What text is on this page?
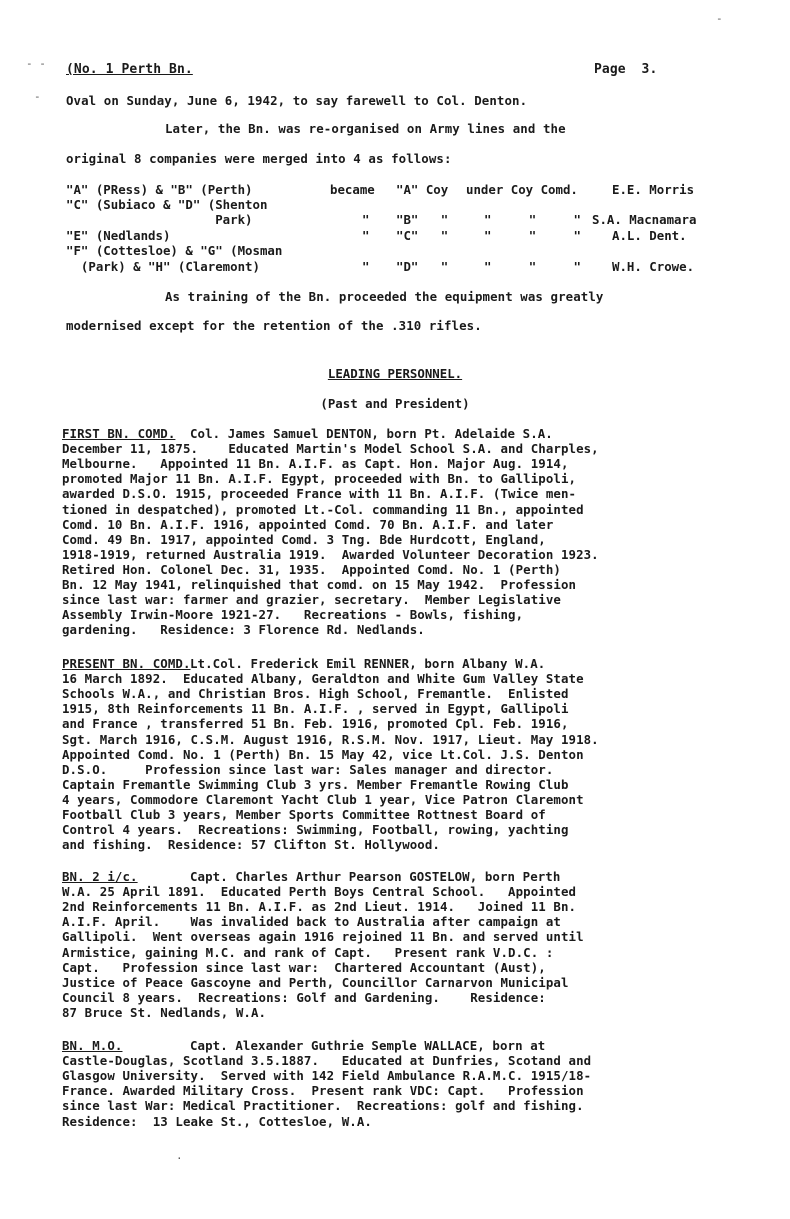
(No. 1 Perth Bn.	Page  3.
Oval on Sunday, June 6, 1942, to say farewell to Col. Denton.
Later, the Bn. was re-organised on Army lines and the
original 8 companies were merged into 4 as follows:
"A" (PRess) & "B" (Perth)	became "A" Coy under Coy Comd.	E.E. Morris
"C" (Subiaco & "D" (Shenton
Park)	" "B"   "	"     "     " S.A. Macnamara
"E" (Nedlands)	" "C"   "	"     "     "	A.L. Dent.
"F" (Cottesloe) & "G" (Mosman
(Park) & "H" (Claremont)	" "D"   "	"     "     "	W.H. Crowe.
As training of the Bn. proceeded the equipment was greatly
modernised except for the retention of the .310 rifles.
LEADING PERSONNEL.
(Past and President)
FIRST BN. COMD. Col. James Samuel DENTON, born Pt. Adelaide S.A.
December 11, 1875.    Educated Martin's Model School S.A. and Charples,
Melbourne.   Appointed 11 Bn. A.I.F. as Capt. Hon. Major Aug. 1914,
promoted Major 11 Bn. A.I.F. Egypt, proceeded with Bn. to Gallipoli,
awarded D.S.O. 1915, proceeded France with 11 Bn. A.I.F. (Twice men-
tioned in despatched), promoted Lt.-Col. commanding 11 Bn., appointed
Comd. 10 Bn. A.I.F. 1916, appointed Comd. 70 Bn. A.I.F. and later
Comd. 49 Bn. 1917, appointed Comd. 3 Tng. Bde Hurdcott, England,
1918-1919, returned Australia 1919.  Awarded Volunteer Decoration 1923.
Retired Hon. Colonel Dec. 31, 1935.  Appointed Comd. No. 1 (Perth)
Bn. 12 May 1941, relinquished that comd. on 15 May 1942.  Profession
since last war: farmer and grazier, secretary.  Member Legislative
Assembly Irwin-Moore 1921-27.   Recreations - Bowls, fishing,
gardening.   Residence: 3 Florence Rd. Nedlands.
PRESENT BN. COMD. Lt.Col. Frederick Emil RENNER, born Albany W.A.
16 March 1892.  Educated Albany, Geraldton and White Gum Valley State
Schools W.A., and Christian Bros. High School, Fremantle.  Enlisted
1915, 8th Reinforcements 11 Bn. A.I.F. , served in Egypt, Gallipoli
and France , transferred 51 Bn. Feb. 1916, promoted Cpl. Feb. 1916,
Sgt. March 1916, C.S.M. August 1916, R.S.M. Nov. 1917, Lieut. May 1918.
Appointed Comd. No. 1 (Perth) Bn. 15 May 42, vice Lt.Col. J.S. Denton
D.S.O.     Profession since last war: Sales manager and director.
Captain Fremantle Swimming Club 3 yrs. Member Fremantle Rowing Club
4 years, Commodore Claremont Yacht Club 1 year, Vice Patron Claremont
Football Club 3 years, Member Sports Committee Rottnest Board of
Control 4 years.  Recreations: Swimming, Football, rowing, yachting
and fishing.  Residence: 57 Clifton St. Hollywood.
BN. 2 i/c.	Capt. Charles Arthur Pearson GOSTELOW, born Perth
W.A. 25 April 1891.  Educated Perth Boys Central School.   Appointed
2nd Reinforcements 11 Bn. A.I.F. as 2nd Lieut. 1914.   Joined 11 Bn.
A.I.F. April.    Was invalided back to Australia after campaign at
Gallipoli.  Went overseas again 1916 rejoined 11 Bn. and served until
Armistice, gaining M.C. and rank of Capt.   Present rank V.D.C. :
Capt.   Profession since last war:  Chartered Accountant (Aust),
Justice of Peace Gascoyne and Perth, Councillor Carnarvon Municipal
Council 8 years.  Recreations: Golf and Gardening.    Residence:
87 Bruce St. Nedlands, W.A.
BN. M.O.	Capt. Alexander Guthrie Semple WALLACE, born at
Castle-Douglas, Scotland 3.5.1887.   Educated at Dunfries, Scotand and
Glasgow University.  Served with 142 Field Ambulance R.A.M.C. 1915/18-
France. Awarded Military Cross.  Present rank VDC: Capt.   Profession
since last War: Medical Practitioner.  Recreations: golf and fishing.
Residence:  13 Leake St., Cottesloe, W.A.
- -
-
-
·
